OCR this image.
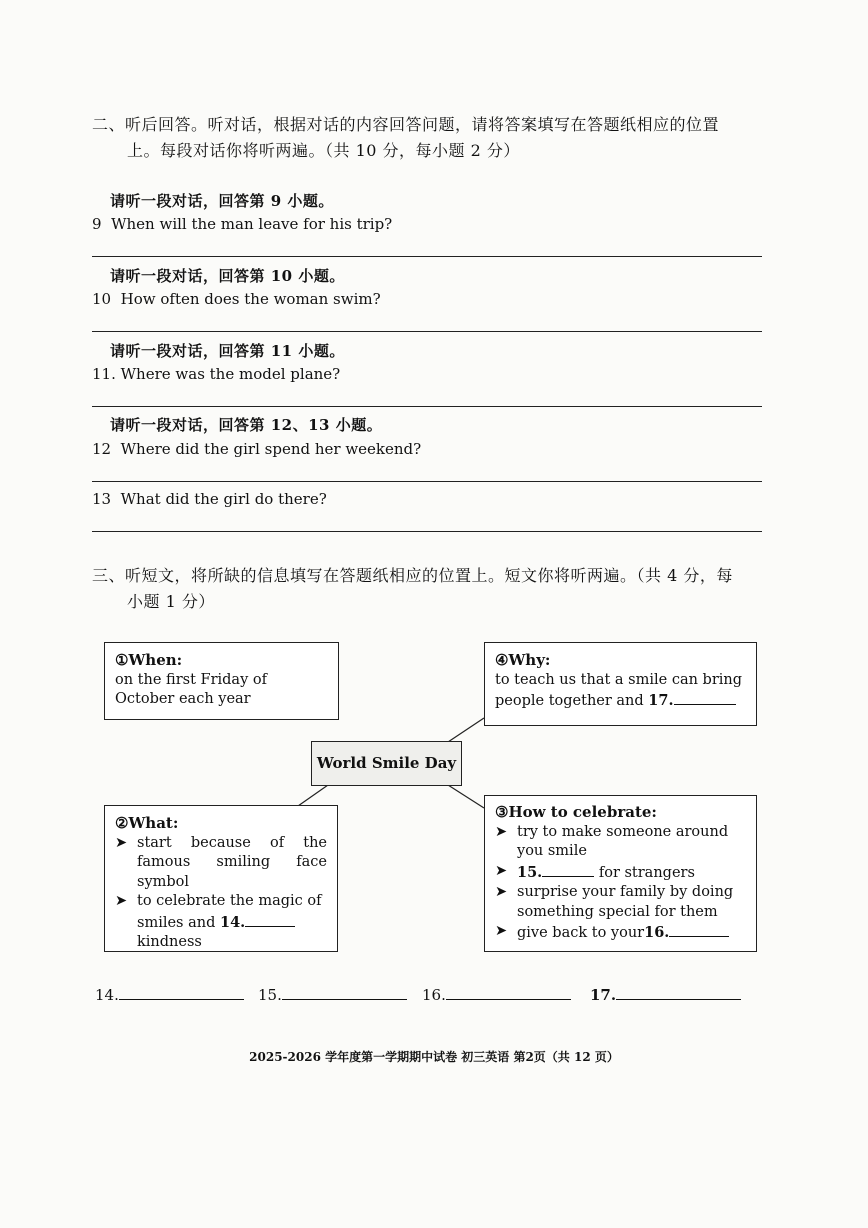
二、听后回答。听对话，根据对话的内容回答问题，请将答案填写在答题纸相应的位置
上。每段对话你将听两遍。（共 10 分，每小题 2 分）
请听一段对话，回答第 9 小题。
9 When will the man leave for his trip?
请听一段对话，回答第 10 小题。
10 How often does the woman swim?
请听一段对话，回答第 11 小题。
11. Where was the model plane?
请听一段对话，回答第 12、13 小题。
12 Where did the girl spend her weekend?
13 What did the girl do there?
三、听短文，将所缺的信息填写在答题纸相应的位置上。短文你将听两遍。（共 4 分，每
小题 1 分）
①When:
on the first Friday of October each year
④Why:
to teach us that a smile can bring people together and 17.
World Smile Day
②What:
➤ start because of the famous smiling face symbol
➤ to celebrate the magic of smiles and 14. kindness
③How to celebrate:
➤ try to make someone around you smile
➤ 15.	for strangers
➤ surprise your family by doing something special for them
➤ give back to your16.
14.	15.	16.	17.
2025-2026 学年度第一学期期中试卷 初三英语 第2页（共 12 页）
